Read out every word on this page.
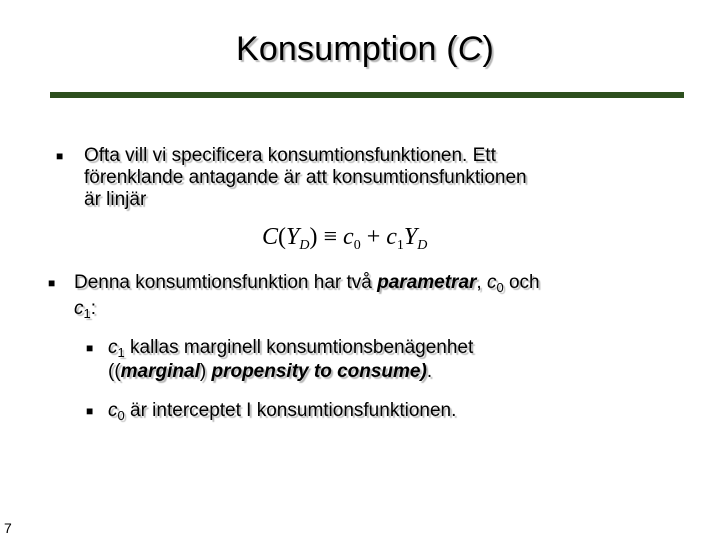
Konsumption (C)
■ Ofta vill vi specificera konsumtionsfunktionen. Ett
förenklande antagande är att konsumtionsfunktionen
är linjär
$C(Y_D) \equiv c_0 + c_1Y_D$
■ Denna konsumtionsfunktion har två parametrar, $c_0$ och
$c_1$:
■ $c_1$ kallas marginell konsumtionsbenägenhet
((marginal) propensity to consume).
■ $c_0$ är interceptet I konsumtionsfunktionen.
7
